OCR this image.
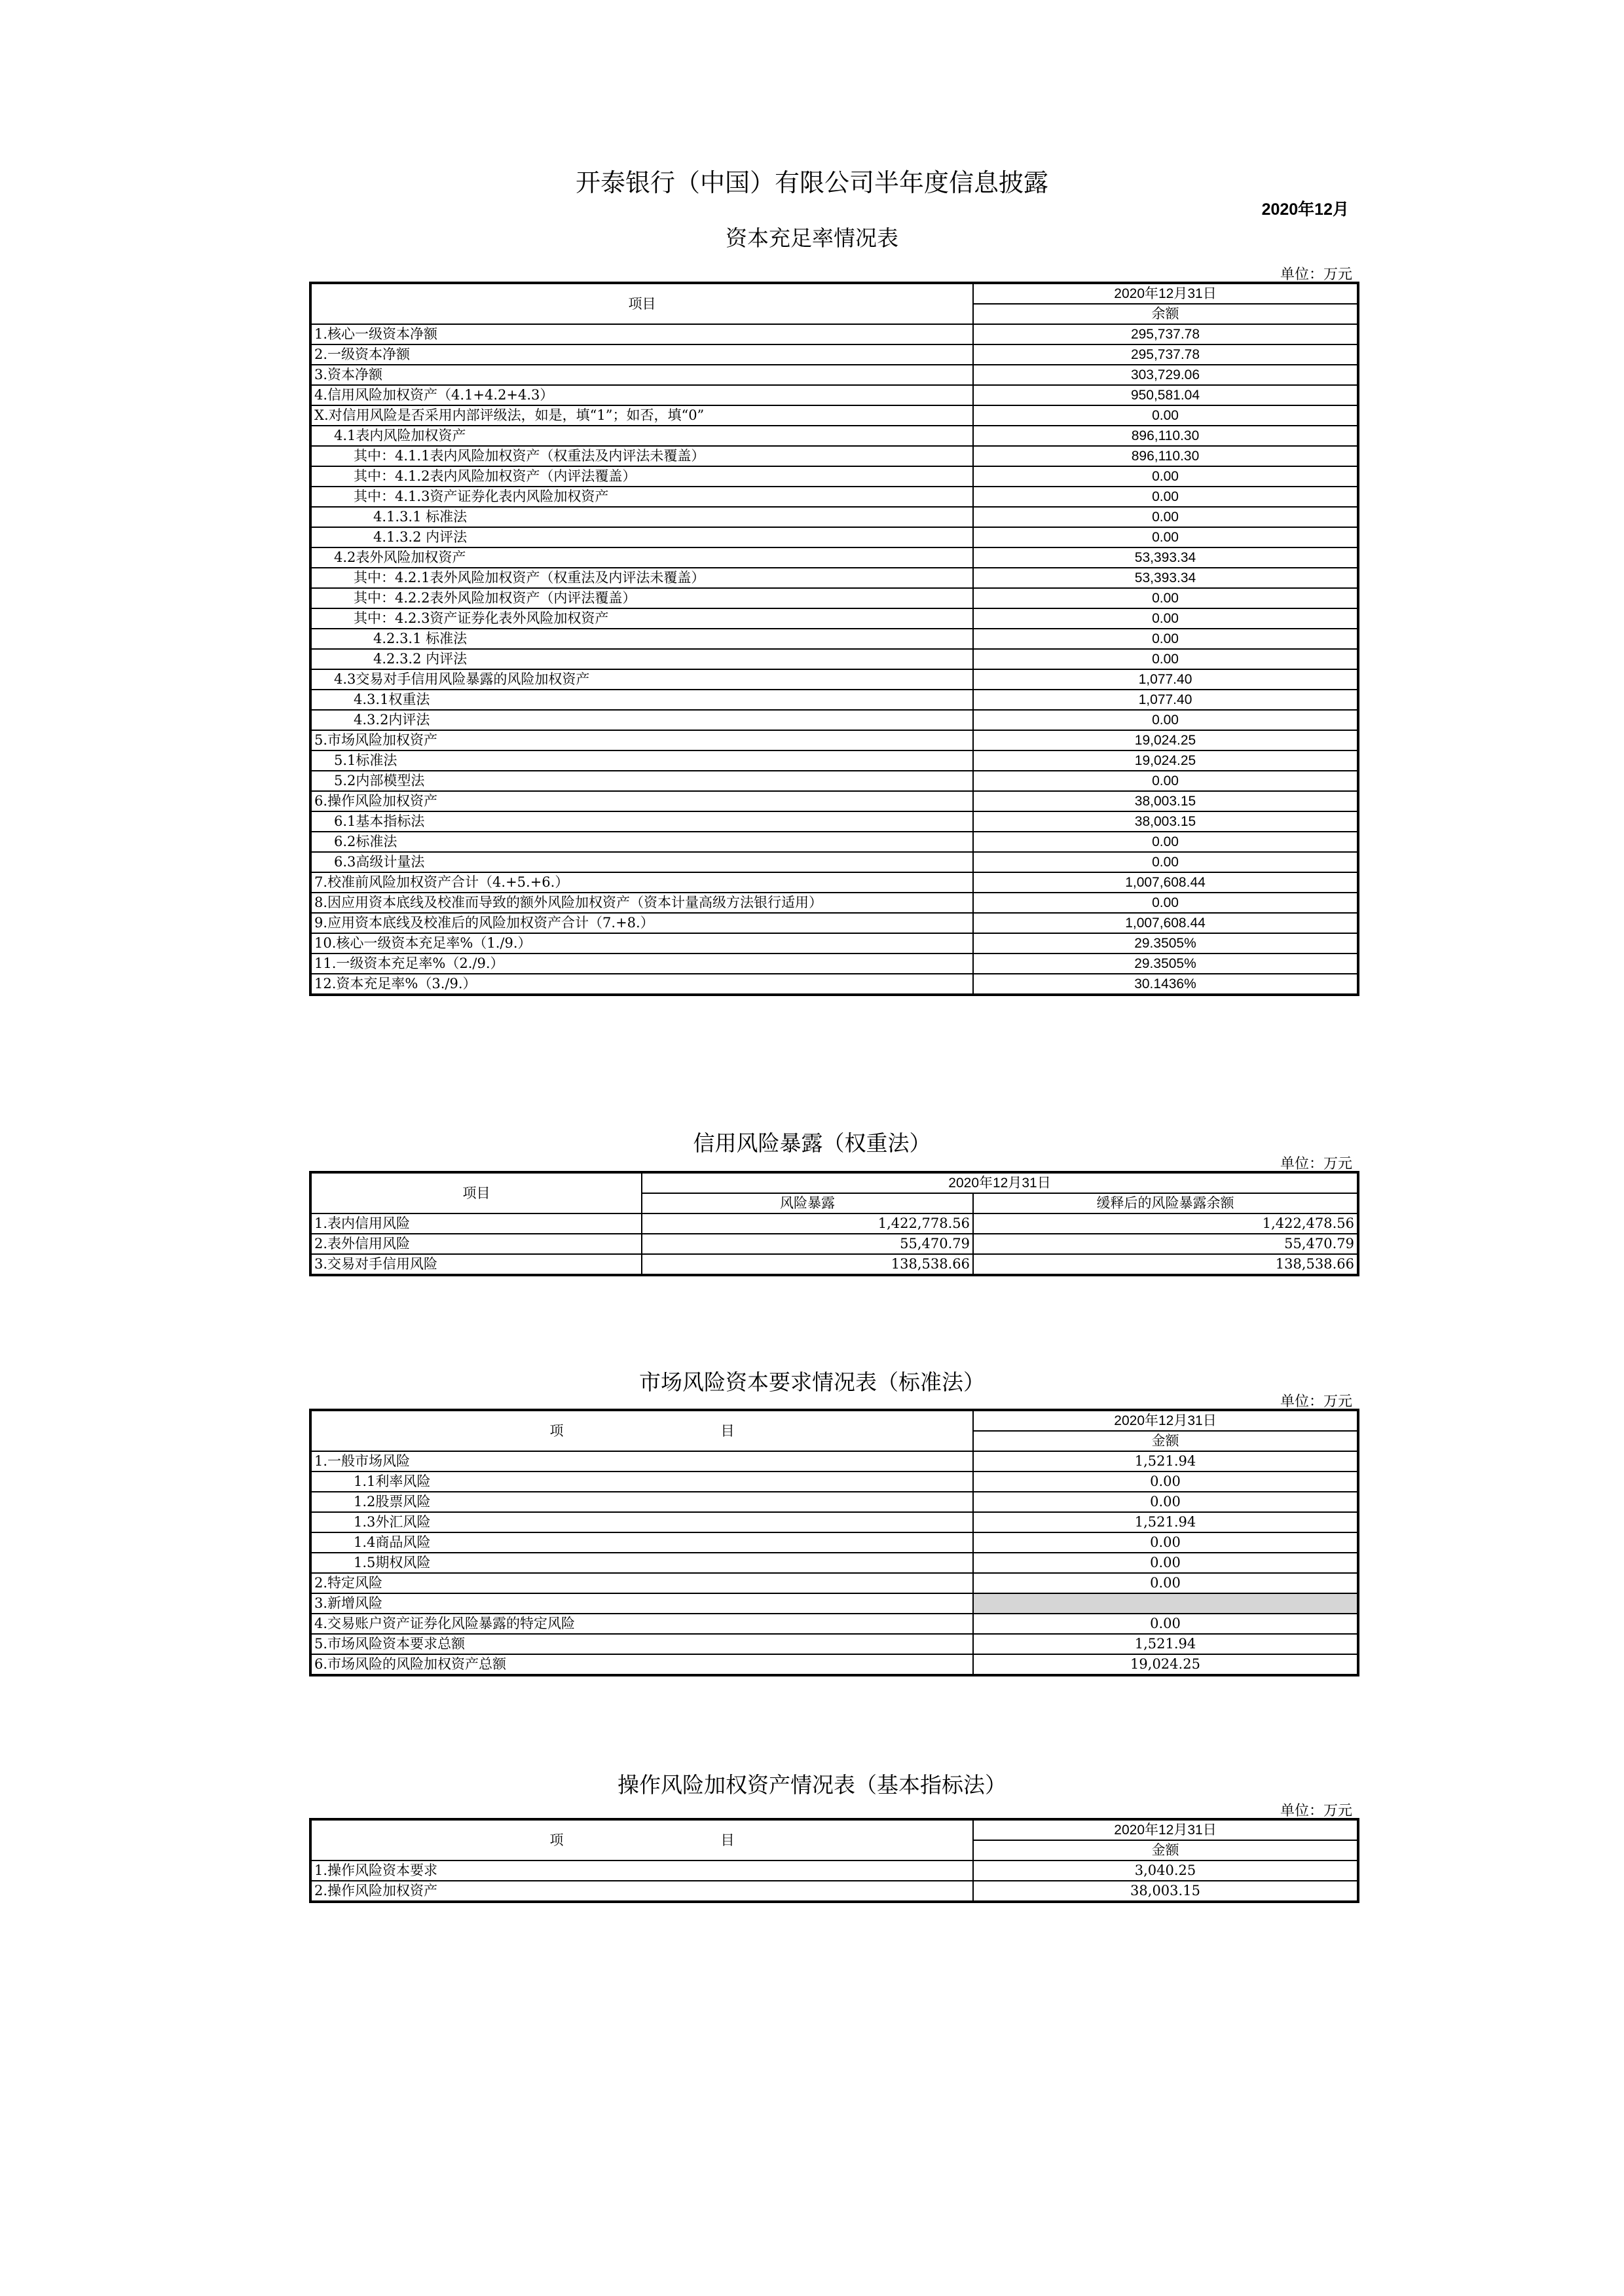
开泰银行（中国）有限公司半年度信息披露
2020年12月
资本充足率情况表
单位：万元
项目	2020年12月31日
	余额
1.核心一级资本净额	295,737.78
2.一级资本净额	295,737.78
3.资本净额	303,729.06
4.信用风险加权资产（4.1+4.2+4.3）	950,581.04
X.对信用风险是否采用内部评级法，如是，填“1”；如否，填“0”	0.00
4.1表内风险加权资产	896,110.30
其中：4.1.1表内风险加权资产（权重法及内评法未覆盖）	896,110.30
其中：4.1.2表内风险加权资产（内评法覆盖）	0.00
其中：4.1.3资产证券化表内风险加权资产	0.00
4.1.3.1 标准法	0.00
4.1.3.2 内评法	0.00
4.2表外风险加权资产	53,393.34
其中：4.2.1表外风险加权资产（权重法及内评法未覆盖）	53,393.34
其中：4.2.2表外风险加权资产（内评法覆盖）	0.00
其中：4.2.3资产证券化表外风险加权资产	0.00
4.2.3.1 标准法	0.00
4.2.3.2 内评法	0.00
4.3交易对手信用风险暴露的风险加权资产	1,077.40
4.3.1权重法	1,077.40
4.3.2内评法	0.00
5.市场风险加权资产	19,024.25
5.1标准法	19,024.25
5.2内部模型法	0.00
6.操作风险加权资产	38,003.15
6.1基本指标法	38,003.15
6.2标准法	0.00
6.3高级计量法	0.00
7.校准前风险加权资产合计（4.+5.+6.）	1,007,608.44
8.因应用资本底线及校准而导致的额外风险加权资产（资本计量高级方法银行适用）	0.00
9.应用资本底线及校准后的风险加权资产合计（7.+8.）	1,007,608.44
10.核心一级资本充足率%（1./9.）	29.3505%
11.一级资本充足率%（2./9.）	29.3505%
12.资本充足率%（3./9.）	30.1436%
信用风险暴露（权重法）
单位：万元
项目	2020年12月31日	
	风险暴露	缓释后的风险暴露余额
1.表内信用风险	1,422,778.56	1,422,478.56
2.表外信用风险	55,470.79	55,470.79
3.交易对手信用风险	138,538.66	138,538.66
市场风险资本要求情况表（标准法）
单位：万元
项 目	2020年12月31日
	金额
1.一般市场风险	1,521.94
1.1利率风险	0.00
1.2股票风险	0.00
1.3外汇风险	1,521.94
1.4商品风险	0.00
1.5期权风险	0.00
2.特定风险	0.00
3.新增风险	
4.交易账户资产证券化风险暴露的特定风险	0.00
5.市场风险资本要求总额	1,521.94
6.市场风险的风险加权资产总额	19,024.25
操作风险加权资产情况表（基本指标法）
单位：万元
项 目	2020年12月31日
	金额
1.操作风险资本要求	3,040.25
2.操作风险加权资产	38,003.15
